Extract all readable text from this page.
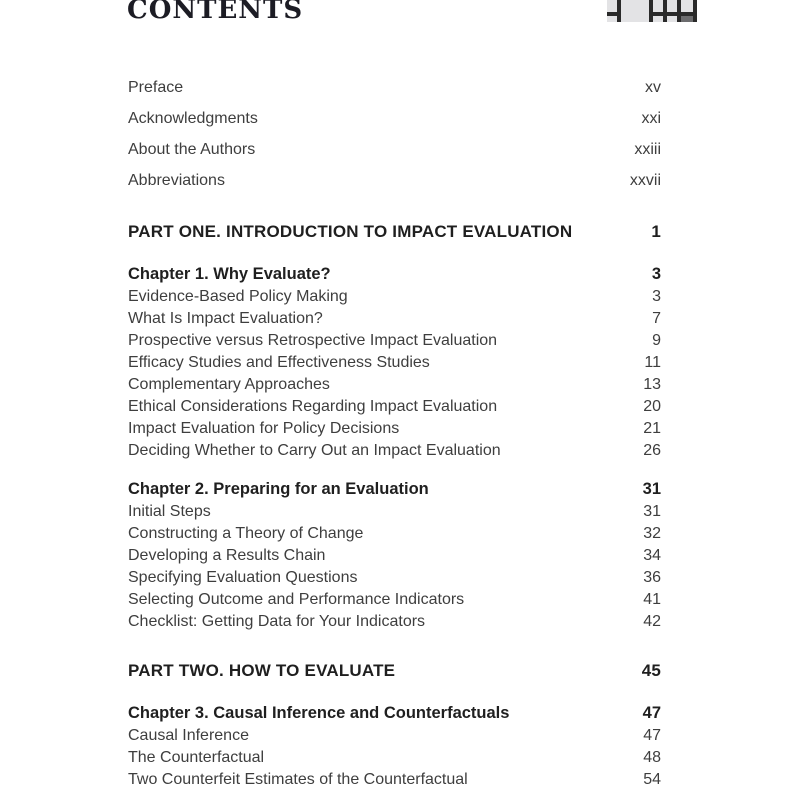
CONTENTS
Preface	xv
Acknowledgments	xxi
About the Authors	xxiii
Abbreviations	xxvii
PART ONE. INTRODUCTION TO IMPACT EVALUATION	1
Chapter 1. Why Evaluate?	3
Evidence-Based Policy Making	3
What Is Impact Evaluation?	7
Prospective versus Retrospective Impact Evaluation	9
Efficacy Studies and Effectiveness Studies	11
Complementary Approaches	13
Ethical Considerations Regarding Impact Evaluation	20
Impact Evaluation for Policy Decisions	21
Deciding Whether to Carry Out an Impact Evaluation	26
Chapter 2. Preparing for an Evaluation	31
Initial Steps	31
Constructing a Theory of Change	32
Developing a Results Chain	34
Specifying Evaluation Questions	36
Selecting Outcome and Performance Indicators	41
Checklist: Getting Data for Your Indicators	42
PART TWO. HOW TO EVALUATE	45
Chapter 3. Causal Inference and Counterfactuals	47
Causal Inference	47
The Counterfactual	48
Two Counterfeit Estimates of the Counterfactual	54
